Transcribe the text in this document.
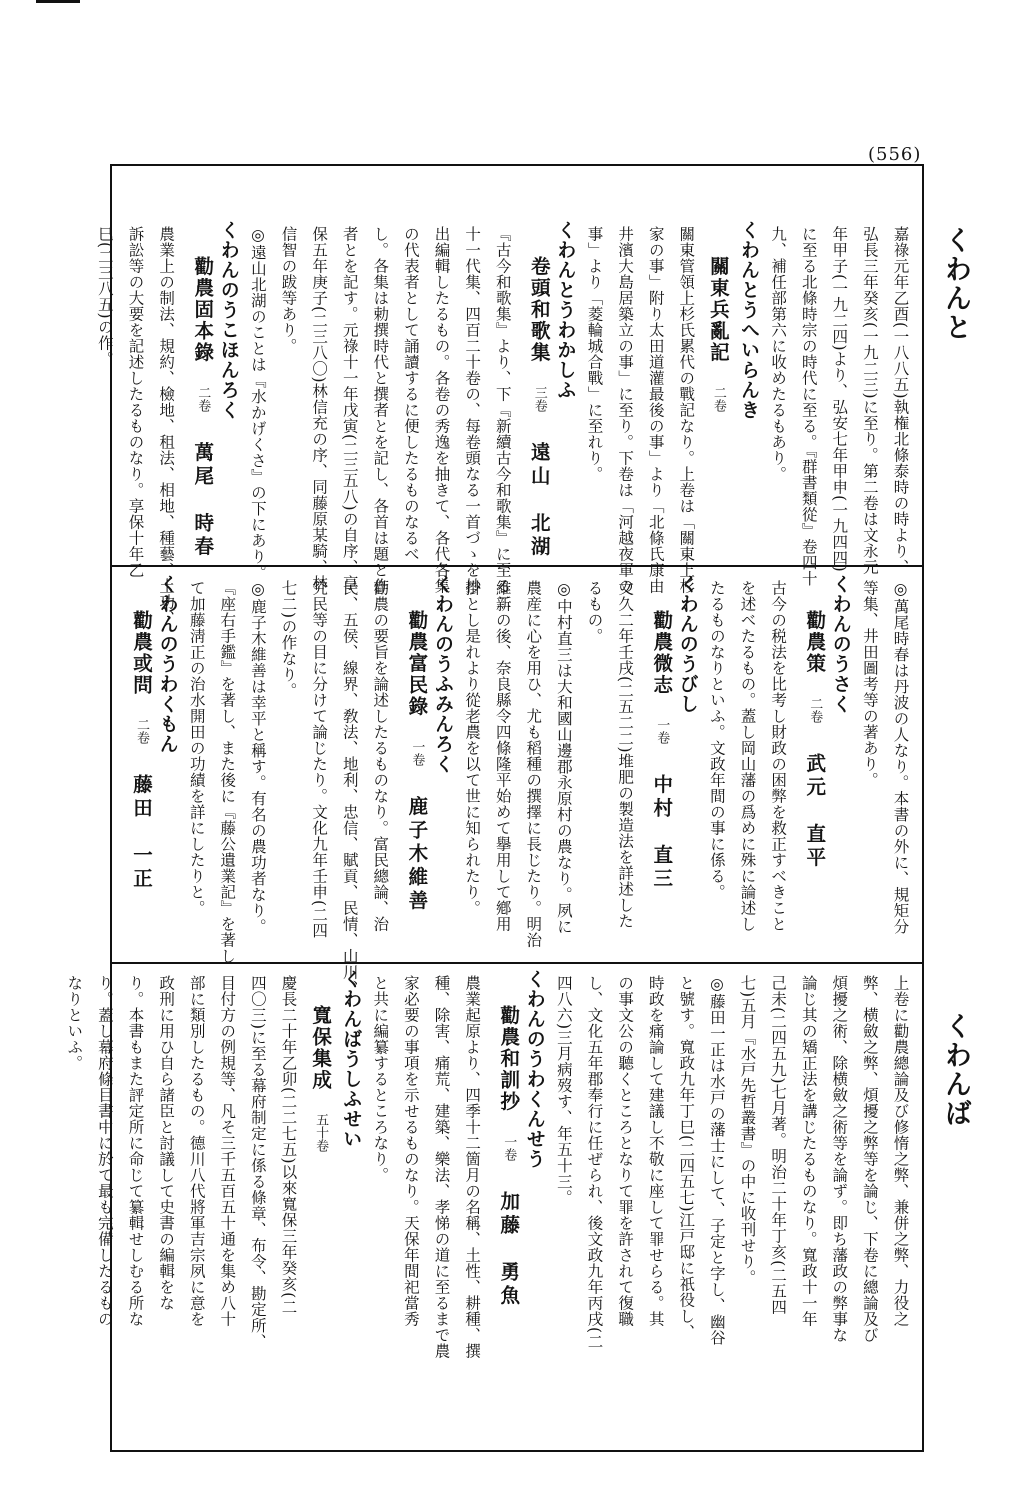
(556)
くわんと
くわんば
嘉祿元年乙酉(一八八五)執権北條泰時の時より、
弘長三年癸亥(一九二三)に至り。第二卷は文永元
年甲子(一九二四)より、弘安七年甲申(一九四四)
に至る北條時宗の時代に至る。『群書類從』卷四十
九、補任部第六に收めたるもあり。
くわんとうへいらんき
關東兵亂記二卷
關東管領上杉氏累代の戰記なり。上卷は「關東上杉
家の事」附り太田道灌最後の事」より「北條氏康由
井濱大島居築立の事」に至り。下卷は「河越夜軍の
事」より「菱輪城合戰」に至れり。
くわんとうわかしふ
卷頭和歌集三卷遠山　北湖
『古今和歌集』より、下『新續古今和歌集』に至る二
十一代集、四百二十卷の、每卷頭なる一首づゝを抄
出編輯したるもの。各卷の秀逸を抽きて、各代各集
の代表者として誦讀するに便したるものなるべ
し。各集は勅撰時代と撰者とを記し、各首は題と作
者とを記す。元祿十一年戊寅(二三五八)の自序、享
保五年庚子(二三八〇)林信充の序、同藤原某騎、林
信智の跋等あり。
◎遠山北湖のことは『水かげくさ』の下にあり。
くわんのうこほんろく
勸農固本錄二卷萬尾　時春
農業上の制法、規約、檢地、租法、相地、種藝、土功、
訴訟等の大要を記述したるものなり。享保十年乙
巳(二三八五)の作。
◎萬尾時春は丹波の人なり。本書の外に、規矩分
等集、井田圖考等の著あり。
くわんのうさく
勸農策二卷武元　直平
古今の税法を比考し財政の困弊を救正すべきこと
を述べたるもの。蓋し岡山藩の爲めに殊に論述し
たるものなりといふ。文政年間の事に係る。
くわんのうびし
勸農微志一卷中村　直三
文久二年壬戌(二五二二)堆肥の製造法を詳述した
るもの。
◎中村直三は大和國山邊郡永原村の農なり。夙に
農産に心を用ひ、尤も稻種の撰擇に長じたり。明治
維新の後、奈良縣令四條隆平始めて擧用して鄕用
掛とし是れより從老農を以て世に知られたり。
くわんのうふみんろく
勸農富民錄一卷鹿子木維善
勸農の要旨を論述したるものなり。富民總論、治
民、五侯、線界、敎法、地利、忠信、賦貢、民情、山川、
究民等の目に分けて論じたり。文化九年壬申(二四
七二)の作なり。
◎鹿子木維善は幸平と稱す。有名の農功者なり。
『座右手鑑』を著し、また後に『藤公遺業記』を著し
て加藤淸正の治水開田の功績を詳にしたりと。
くわんのうわくもん
勸農或問二卷藤田　一正
上卷に勸農總論及び修惰之弊、兼併之弊、力役之
弊、横斂之弊、煩擾之弊等を論じ、下卷に總論及び
煩擾之術、除横斂之術等を論ず。即ち藩政の弊事な
論じ其の矯正法を講じたるものなり。寬政十一年
己未(二四五九)七月著。明治二十年丁亥(二五四
七)五月『水戸先哲叢書』の中に收刊せり。
◎藤田一正は水戸の藩士にして、子定と字し、幽谷
と號す。寬政九年丁巳(二四五七)江戸邸に祇役し、
時政を痛論して建議し不敬に座して罪せらる。其
の事文公の聽くところとなりて罪を許されて復職
し、文化五年郡奉行に任ぜられ、後文政九年丙戌(二
四八六)三月病歿す、年五十三。
くわんのうわくんせう
勸農和訓抄一卷加藤　勇魚
農業起原より、四季十二箇月の名稱、土性、耕種、撰
種、除害、痛荒、建築、樂法、孝悌の道に至るまで農
家必要の事項を示せるものなり。天保年間祀當秀
と共に編纂するところなり。
くわんばうしふせい
寬保集成五十卷
慶長二十年乙卯(二二七五)以來寬保三年癸亥(二
四〇三)に至る幕府制定に係る條章、布令、勘定所、
目付方の例規等、凡そ三千五百五十通を集め八十
部に類別したるもの。德川八代將軍吉宗夙に意を
政刑に用ひ自ら諸臣と討議して史書の編輯をな
り。本書もまた評定所に命じて纂輯せしむる所な
り。蓋し幕府條目書中に於て最も完備したるもの
なりといふ。
